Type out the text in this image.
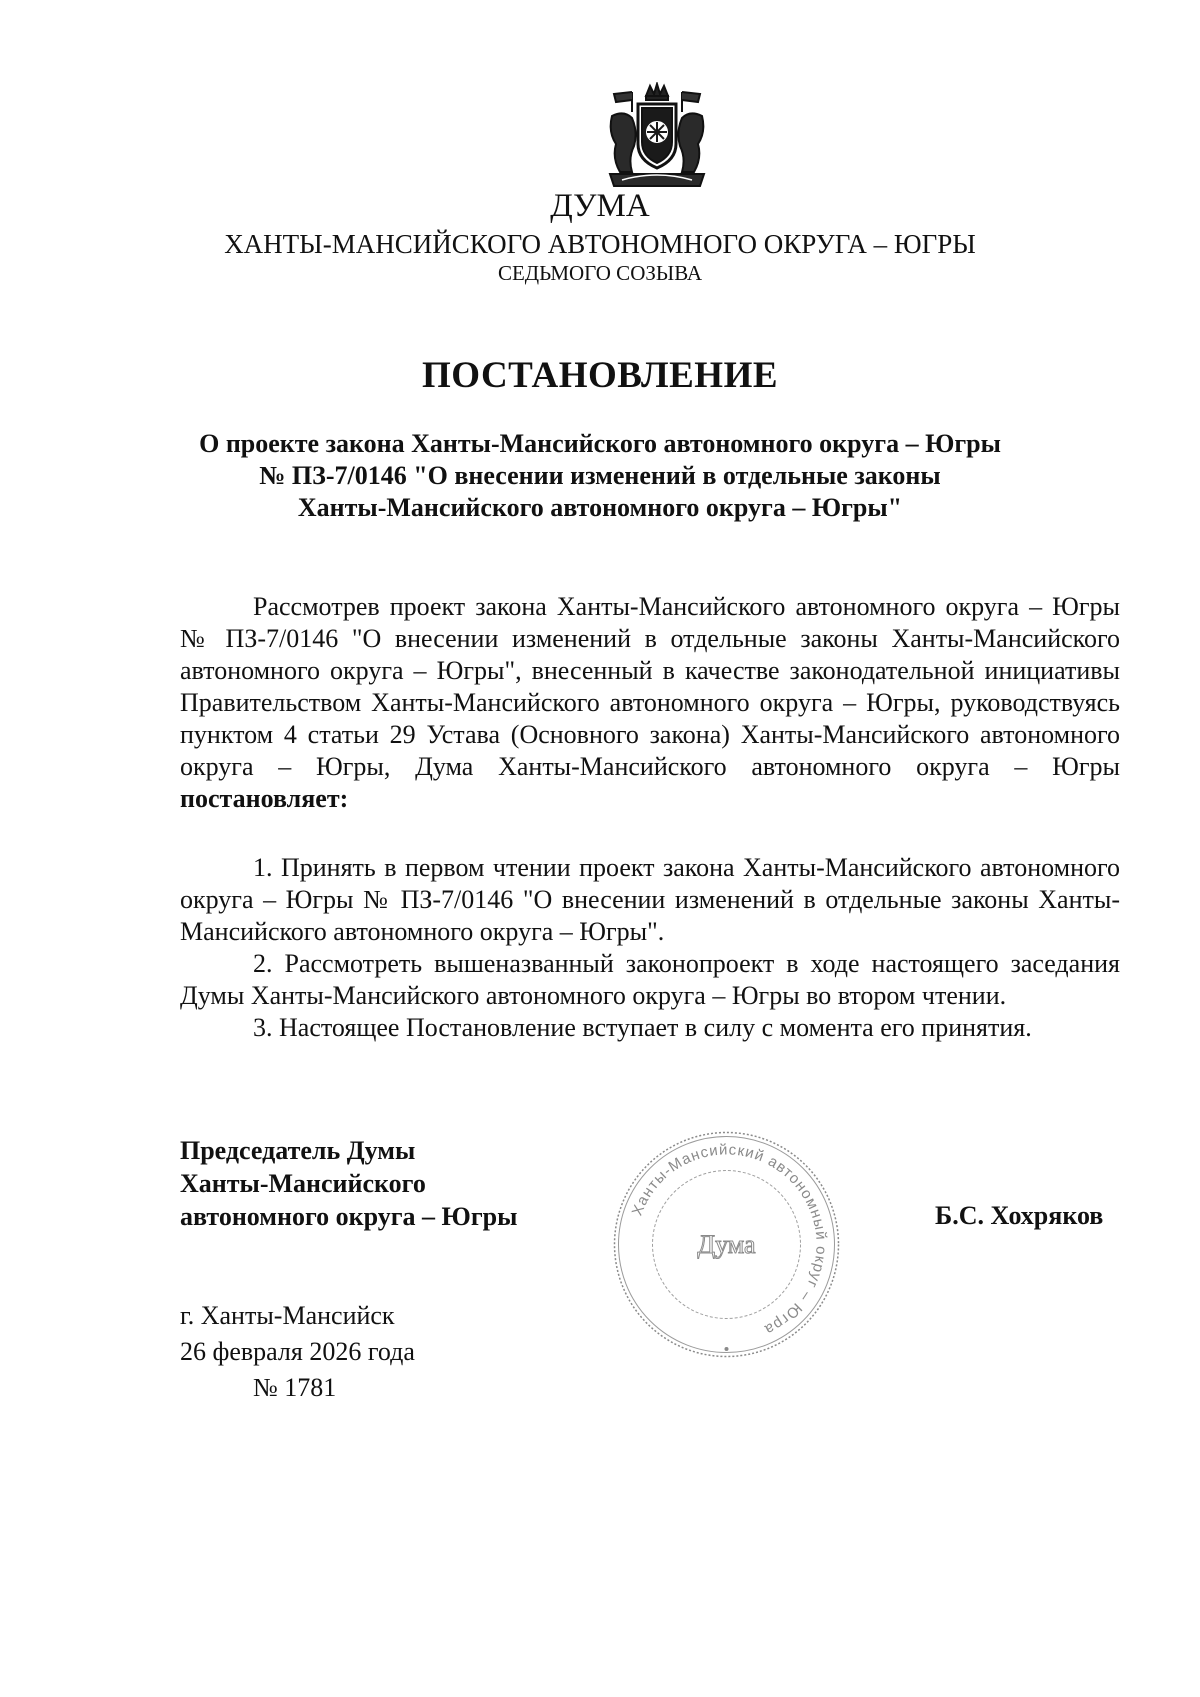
ДУМА
ХАНТЫ-МАНСИЙСКОГО АВТОНОМНОГО ОКРУГА – ЮГРЫ
СЕДЬМОГО СОЗЫВА
ПОСТАНОВЛЕНИЕ
О проекте закона Ханты-Мансийского автономного округа – Югры
№ ПЗ-7/0146 "О внесении изменений в отдельные законы
Ханты-Мансийского автономного округа – Югры"

Рассмотрев проект закона Ханты-Мансийского автономного округа – Югры № ПЗ-7/0146 "О внесении изменений в отдельные законы Ханты-Мансийского автономного округа – Югры", внесенный в качестве законодательной инициативы Правительством Ханты-Мансийского автономного округа – Югры, руководствуясь пунктом 4 статьи 29 Устава (Основного закона) Ханты-Мансийского автономного округа – Югры, Дума Ханты-Мансийского автономного округа – Югры постановляет:

1. Принять в первом чтении проект закона Ханты-Мансийского автономного округа – Югры № ПЗ-7/0146 "О внесении изменений в отдельные законы Ханты-Мансийского автономного округа – Югры".

2. Рассмотреть вышеназванный законопроект в ходе настоящего заседания Думы Ханты-Мансийского автономного округа – Югры во втором чтении.

3. Настоящее Постановление вступает в силу с момента его принятия.

Председатель Думы
Ханты-Мансийского
автономного округа – Югры	Ханты-Мансийский автономный округ – Югра
Дума
Б.С. Хохряков
г. Ханты-Мансийск
26 февраля 2026 года
№ 1781
